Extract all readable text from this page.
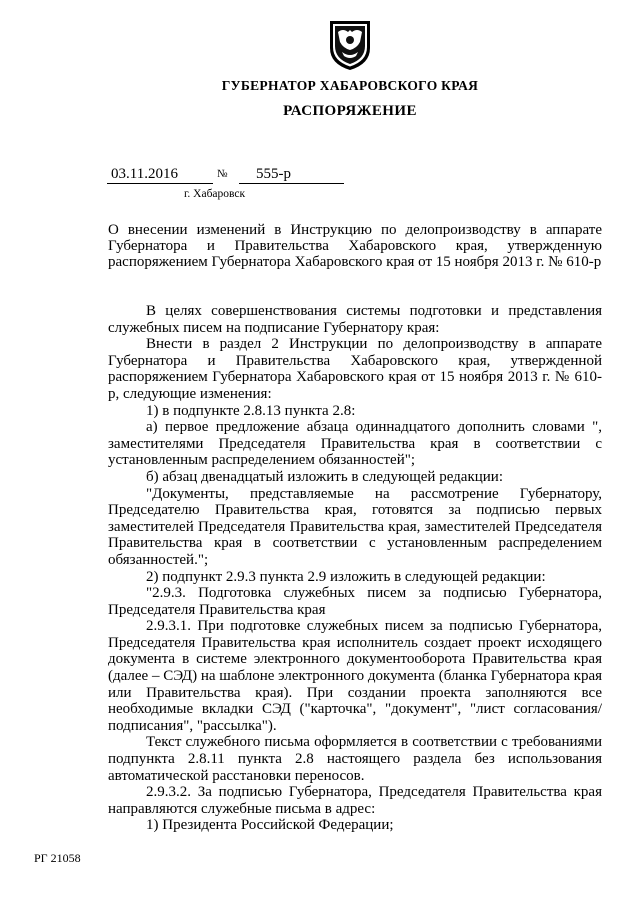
ГУБЕРНАТОР ХАБАРОВСКОГО КРАЯ
РАСПОРЯЖЕНИЕ
03.11.2016	№	555-р
г. Хабаровск
О внесении изменений в Инструкцию по делопроизводству в аппарате Губернатора и Правительства Хабаровского края, утвержденную распоряжением Губернатора Хабаровского края от 15 ноября 2013 г. № 610-р

В целях совершенствования системы подготовки и представления служебных писем на подписание Губернатору края:

Внести в раздел 2 Инструкции по делопроизводству в аппарате Губернатора и Правительства Хабаровского края, утвержденной распоряжением Губернатора Хабаровского края от 15 ноября 2013 г. № 610-р, следующие изменения:

1) в подпункте 2.8.13 пункта 2.8:

а) первое предложение абзаца одиннадцатого дополнить словами ", заместителями Председателя Правительства края в соответствии с установленным распределением обязанностей";

б) абзац двенадцатый изложить в следующей редакции:

"Документы, представляемые на рассмотрение Губернатору, Председателю Правительства края, готовятся за подписью первых заместителей Председателя Правительства края, заместителей Председателя Правительства края в соответствии с установленным распределением обязанностей.";

2) подпункт 2.9.3 пункта 2.9 изложить в следующей редакции:

"2.9.3. Подготовка служебных писем за подписью Губернатора, Председателя Правительства края

2.9.3.1. При подготовке служебных писем за подписью Губернатора, Председателя Правительства края исполнитель создает проект исходящего документа в системе электронного документооборота Правительства края (далее – СЭД) на шаблоне электронного документа (бланка Губернатора края или Правительства края). При создании проекта заполняются все необходимые вкладки СЭД ("карточка", "документ", "лист согласования/подписания", "рассылка").

Текст служебного письма оформляется в соответствии с требованиями подпункта 2.8.11 пункта 2.8 настоящего раздела без использования автоматической расстановки переносов.

2.9.3.2. За подписью Губернатора, Председателя Правительства края направляются служебные письма в адрес:

1) Президента Российской Федерации;

РГ 21058
